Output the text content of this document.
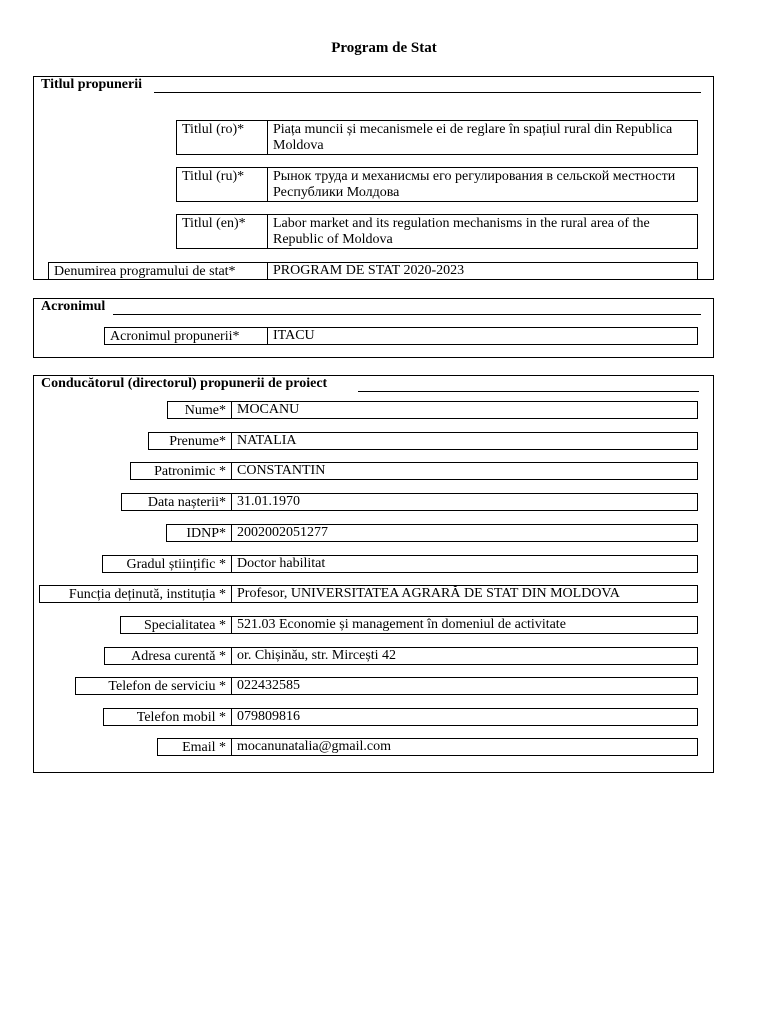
Program de Stat
Titlul propunerii
Titlul (ro)*	Piața muncii și mecanismele ei de reglare în spațiul rural din Republica Moldova
Titlul (ru)*	Рынок труда и механисмы его регулирования в сельской местности Республики Молдова
Titlul (en)*	Labor market and its regulation mechanisms in the rural area of the Republic of Moldova
Denumirea programului de stat*	PROGRAM DE STAT 2020-2023
Acronimul
Acronimul propunerii*	ITACU
Conducătorul (directorul) propunerii de proiect
Nume* MOCANU
Prenume* NATALIA
Patronimic * CONSTANTIN
Data nașterii* 31.01.1970
IDNP* 2002002051277
Gradul științific * Doctor habilitat
Funcția deținută, instituția * Profesor, UNIVERSITATEA AGRARĂ DE STAT DIN MOLDOVA
Specialitatea * 521.03 Economie și management în domeniul de activitate
Adresa curentă * or. Chișinău, str. Mircești 42
Telefon de serviciu * 022432585
Telefon mobil * 079809816
Email * mocanunatalia@gmail.com
